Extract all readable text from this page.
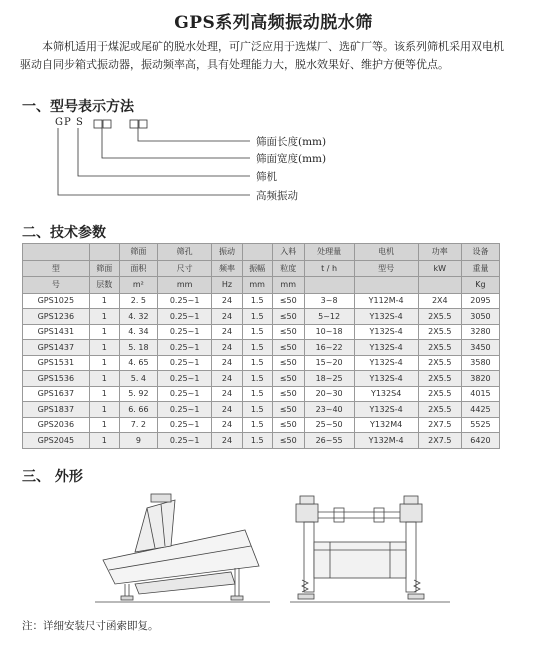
GPS系列高频振动脱水筛
本筛机适用于煤泥或尾矿的脱水处理，可广泛应用于选煤厂、选矿厂等。该系列筛机采用双电机
驱动自同步箱式振动器，振动频率高，具有处理能力大，脱水效果好、维护方便等优点。
一、型号表示方法
GP S
筛面长度(mm)
筛面宽度(mm)
筛机
高频振动
二、技术参数
		筛面	筛孔	振动		入料	处理量	电机	功率	设备
型	筛面	面积	尺寸	频率	振幅	粒度	t / h	型号	kW	重量
号	层数	m²	mm	Hz	mm	mm				Kg
GPS1025	1	2. 5	0.25~1	24	1.5	≤50	3~8	Y112M-4	2X4	2095
GPS1236	1	4. 32	0.25~1	24	1.5	≤50	5~12	Y132S-4	2X5.5	3050
GPS1431	1	4. 34	0.25~1	24	1.5	≤50	10~18	Y132S-4	2X5.5	3280
GPS1437	1	5. 18	0.25~1	24	1.5	≤50	16~22	Y132S-4	2X5.5	3450
GPS1531	1	4. 65	0.25~1	24	1.5	≤50	15~20	Y132S-4	2X5.5	3580
GPS1536	1	5. 4	0.25~1	24	1.5	≤50	18~25	Y132S-4	2X5.5	3820
GPS1637	1	5. 92	0.25~1	24	1.5	≤50	20~30	Y132S4	2X5.5	4015
GPS1837	1	6. 66	0.25~1	24	1.5	≤50	23~40	Y132S-4	2X5.5	4425
GPS2036	1	7. 2	0.25~1	24	1.5	≤50	25~50	Y132M4	2X7.5	5525
GPS2045	1	9	0.25~1	24	1.5	≤50	26~55	Y132M-4	2X7.5	6420
三、 外形
注：详细安装尺寸函索即复。
